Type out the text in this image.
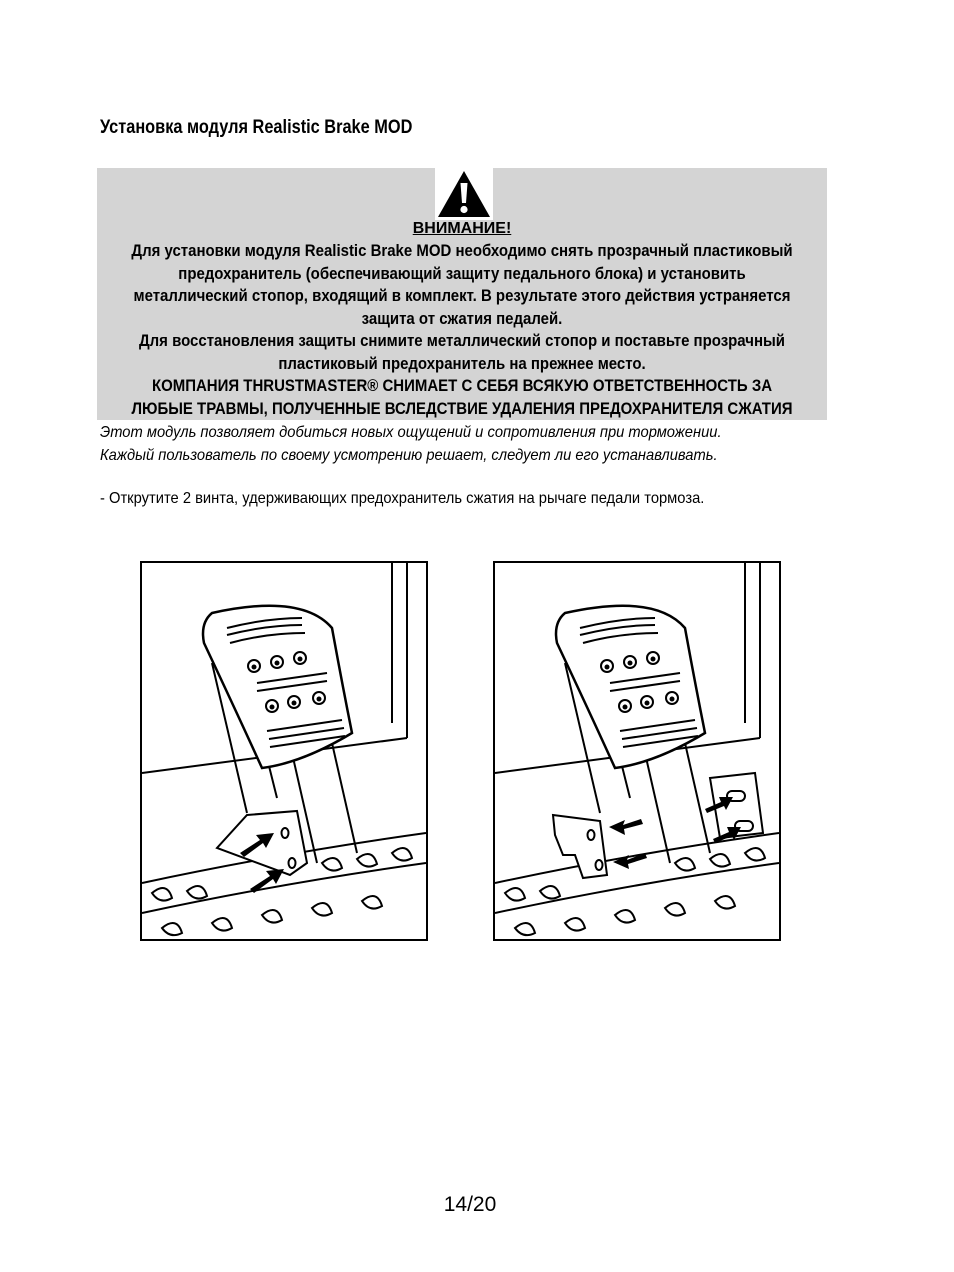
Установка модуля Realistic Brake MOD
ВНИМАНИЕ!
Для установки модуля Realistic Brake MOD необходимо снять прозрачный пластиковый
предохранитель (обеспечивающий защиту педального блока) и установить
металлический стопор, входящий в комплект. В результате этого действия устраняется
защита от сжатия педалей.
Для восстановления защиты снимите металлический стопор и поставьте прозрачный
пластиковый предохранитель на прежнее место.
КОМПАНИЯ THRUSTMASTER® СНИМАЕТ С СЕБЯ ВСЯКУЮ ОТВЕТСТВЕННОСТЬ ЗА
ЛЮБЫЕ ТРАВМЫ, ПОЛУЧЕННЫЕ ВСЛЕДСТВИЕ УДАЛЕНИЯ ПРЕДОХРАНИТЕЛЯ СЖАТИЯ
Этот модуль позволяет добиться новых ощущений и сопротивления при торможении.
Каждый пользователь по своему усмотрению решает, следует ли его устанавливать.
- Открутите 2 винта, удерживающих предохранитель сжатия на рычаге педали тормоза.
14/20
